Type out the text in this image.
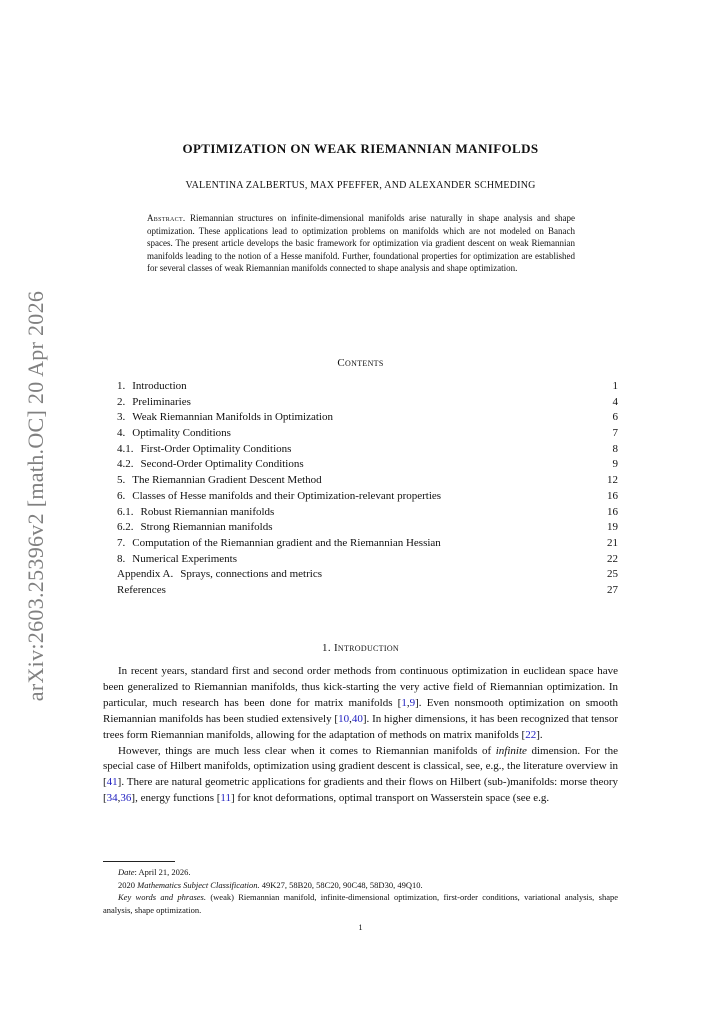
arXiv:2603.25396v2 [math.OC] 20 Apr 2026
OPTIMIZATION ON WEAK RIEMANNIAN MANIFOLDS
VALENTINA ZALBERTUS, MAX PFEFFER, AND ALEXANDER SCHMEDING
Abstract. Riemannian structures on infinite-dimensional manifolds arise naturally in shape analysis and shape optimization. These applications lead to optimization problems on manifolds which are not modeled on Banach spaces. The present article develops the basic framework for optimization via gradient descent on weak Riemannian manifolds leading to the notion of a Hesse manifold. Further, foundational properties for optimization are established for several classes of weak Riemannian manifolds connected to shape analysis and shape optimization.
Contents
1. Introduction	1
2. Preliminaries	4
3. Weak Riemannian Manifolds in Optimization	6
4. Optimality Conditions	7
4.1. First-Order Optimality Conditions	8
4.2. Second-Order Optimality Conditions	9
5. The Riemannian Gradient Descent Method	12
6. Classes of Hesse manifolds and their Optimization-relevant properties	16
6.1. Robust Riemannian manifolds	16
6.2. Strong Riemannian manifolds	19
7. Computation of the Riemannian gradient and the Riemannian Hessian	21
8. Numerical Experiments	22
Appendix A. Sprays, connections and metrics	25
References	27
1. Introduction

In recent years, standard first and second order methods from continuous optimization in euclidean space have been generalized to Riemannian manifolds, thus kick-starting the very active field of Riemannian optimization. In particular, much research has been done for matrix manifolds [1,9]. Even nonsmooth optimization on smooth Riemannian manifolds has been studied extensively [10,40]. In higher dimensions, it has been recognized that tensor trees form Riemannian manifolds, allowing for the adaptation of methods on matrix manifolds [22].

However, things are much less clear when it comes to Riemannian manifolds of infinite dimension. For the special case of Hilbert manifolds, optimization using gradient descent is classical, see, e.g., the literature overview in [41]. There are natural geometric applications for gradients and their flows on Hilbert (sub-)manifolds: morse theory [34,36], energy functions [11] for knot deformations, optimal transport on Wasserstein space (see e.g.

Date: April 21, 2026.

2020 Mathematics Subject Classification. 49K27, 58B20, 58C20, 90C48, 58D30, 49Q10.

Key words and phrases. (weak) Riemannian manifold, infinite-dimensional optimization, first-order conditions, variational analysis, shape analysis, shape optimization.

1
